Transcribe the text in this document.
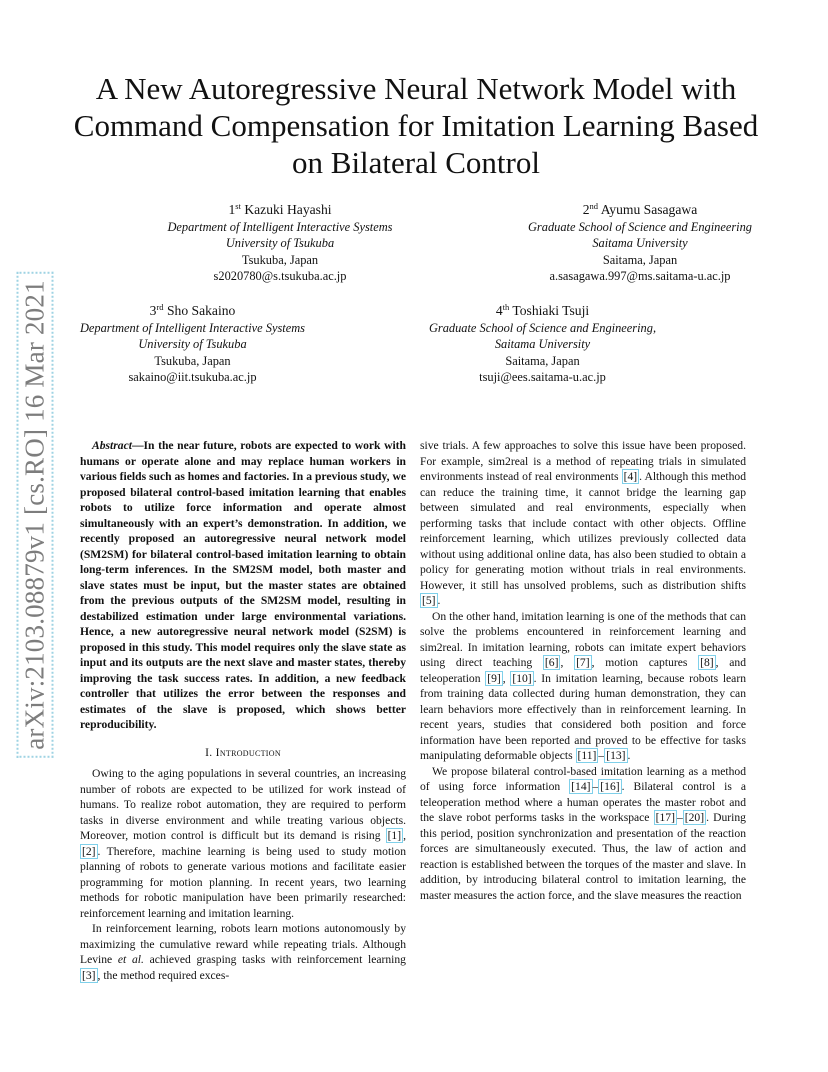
arXiv:2103.08879v1 [cs.RO] 16 Mar 2021
A New Autoregressive Neural Network Model with Command Compensation for Imitation Learning Based on Bilateral Control
1st Kazuki Hayashi
Department of Intelligent Interactive Systems
University of Tsukuba
Tsukuba, Japan
s2020780@s.tsukuba.ac.jp
2nd Ayumu Sasagawa
Graduate School of Science and Engineering
Saitama University
Saitama, Japan
a.sasagawa.997@ms.saitama-u.ac.jp
3rd Sho Sakaino
Department of Intelligent Interactive Systems
University of Tsukuba
Tsukuba, Japan
sakaino@iit.tsukuba.ac.jp
4th Toshiaki Tsuji
Graduate School of Science and Engineering,
Saitama University
Saitama, Japan
tsuji@ees.saitama-u.ac.jp

Abstract—In the near future, robots are expected to work with humans or operate alone and may replace human workers in various fields such as homes and factories. In a previous study, we proposed bilateral control-based imitation learning that enables robots to utilize force information and operate almost simultaneously with an expert’s demonstration. In addition, we recently proposed an autoregressive neural network model (SM2SM) for bilateral control-based imitation learning to obtain long-term inferences. In the SM2SM model, both master and slave states must be input, but the master states are obtained from the previous outputs of the SM2SM model, resulting in destabilized estimation under large environmental variations. Hence, a new autoregressive neural network model (S2SM) is proposed in this study. This model requires only the slave state as input and its outputs are the next slave and master states, thereby improving the task success rates. In addition, a new feedback controller that utilizes the error between the responses and estimates of the slave is proposed, which shows better reproducibility.

I. Introduction

Owing to the aging populations in several countries, an increasing number of robots are expected to be utilized for work instead of humans. To realize robot automation, they are required to perform tasks in diverse environment and while treating various objects. Moreover, motion control is difficult but its demand is rising [1] , [2] . Therefore, machine learning is being used to study motion planning of robots to generate various motions and facilitate easier programming for motion planning. In recent years, two learning methods for robotic manipulation have been primarily researched: reinforcement learning and imitation learning.

In reinforcement learning, robots learn motions autonomously by maximizing the cumulative reward while repeating trials. Although Levine et al. achieved grasping tasks with reinforcement learning [3] , the method required exces-

sive trials. A few approaches to solve this issue have been proposed. For example, sim2real is a method of repeating trials in simulated environments instead of real environments [4] . Although this method can reduce the training time, it cannot bridge the learning gap between simulated and real environments, especially when performing tasks that include contact with other objects. Offline reinforcement learning, which utilizes previously collected data without using additional online data, has also been studied to obtain a policy for generating motion without trials in real environments. However, it still has unsolved problems, such as distribution shifts [5] .

On the other hand, imitation learning is one of the methods that can solve the problems encountered in reinforcement learning and sim2real. In imitation learning, robots can imitate expert behaviors using direct teaching [6] , [7] , motion captures [8] , and teleoperation [9] , [10] . In imitation learning, because robots learn from training data collected during human demonstration, they can learn behaviors more effectively than in reinforcement learning. In recent years, studies that considered both position and force information have been reported and proved to be effective for tasks manipulating deformable objects [11] – [13] .

We propose bilateral control-based imitation learning as a method of using force information [14] – [16] . Bilateral control is a teleoperation method where a human operates the master robot and the slave robot performs tasks in the workspace [17] – [20] . During this period, position synchronization and presentation of the reaction forces are simultaneously executed. Thus, the law of action and reaction is established between the torques of the master and slave. In addition, by introducing bilateral control to imitation learning, the master measures the action force, and the slave measures the reaction
